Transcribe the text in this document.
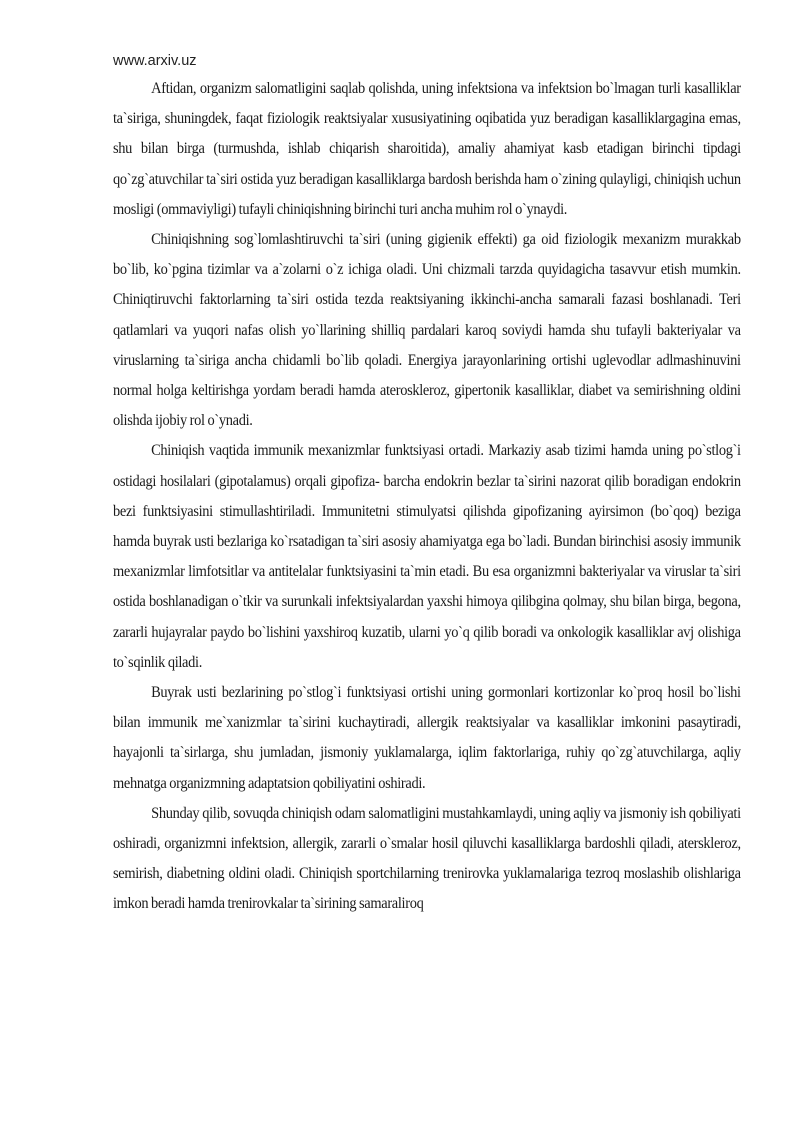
www.arxiv.uz

Aftidan, organizm salomatligini saqlab qolishda, uning infektsiona va infektsion bo`lmagan turli kasalliklar ta`siriga, shuningdek, faqat fiziologik reaktsiyalar xususiyatining oqibatida yuz beradigan kasalliklargagina emas, shu bilan birga (turmushda, ishlab chiqarish sharoitida), amaliy ahamiyat kasb etadigan birinchi tipdagi qo`zg`atuvchilar ta`siri ostida yuz beradigan kasalliklarga bardosh berishda ham o`zining qulayligi, chiniqish uchun mosligi (ommaviyligi) tufayli chiniqishning birinchi turi ancha muhim rol o`ynaydi.

Chiniqishning sog`lomlashtiruvchi ta`siri (uning gigienik effekti) ga oid fiziologik mexanizm murakkab bo`lib, ko`pgina tizimlar va a`zolarni o`z ichiga oladi. Uni chizmali tarzda quyidagicha tasavvur etish mumkin. Chiniqtiruvchi faktorlarning ta`siri ostida tezda reaktsiyaning ikkinchi-ancha samarali fazasi boshlanadi. Teri qatlamlari va yuqori nafas olish yo`llarining shilliq pardalari karoq soviydi hamda shu tufayli bakteriyalar va viruslarning ta`siriga ancha chidamli bo`lib qoladi. Energiya jarayonlarining ortishi uglevodlar adlmashinuvini normal holga keltirishga yordam beradi hamda ateroskleroz, gipertonik kasalliklar, diabet va semirishning oldini olishda ijobiy rol o`ynadi.

Chiniqish vaqtida immunik mexanizmlar funktsiyasi ortadi. Markaziy asab tizimi hamda uning po`stlog`i ostidagi hosilalari (gipotalamus) orqali gipofiza- barcha endokrin bezlar ta`sirini nazorat qilib boradigan endokrin bezi funktsiyasini stimullashtiriladi. Immunitetni stimulyatsi qilishda gipofizaning ayirsimon (bo`qoq) beziga hamda buyrak usti bezlariga ko`rsatadigan ta`siri asosiy ahamiyatga ega bo`ladi. Bundan birinchisi asosiy immunik mexanizmlar limfotsitlar va antitelalar funktsiyasini ta`min etadi. Bu esa organizmni bakteriyalar va viruslar ta`siri ostida boshlanadigan o`tkir va surunkali infektsiyalardan yaxshi himoya qilibgina qolmay, shu bilan birga, begona, zararli hujayralar paydo bo`lishini yaxshiroq kuzatib, ularni yo`q qilib boradi va onkologik kasalliklar avj olishiga to`sqinlik qiladi.

Buyrak usti bezlarining po`stlog`i funktsiyasi ortishi uning gormonlari kortizonlar ko`proq hosil bo`lishi bilan immunik me`xanizmlar ta`sirini kuchaytiradi, allergik reaktsiyalar va kasalliklar imkonini pasaytiradi, hayajonli ta`sirlarga, shu jumladan, jismoniy yuklamalarga, iqlim faktorlariga, ruhiy qo`zg`atuvchilarga, aqliy mehnatga organizmning adaptatsion qobiliyatini oshiradi.

Shunday qilib, sovuqda chiniqish odam salomatligini mustahkamlaydi, uning aqliy va jismoniy ish qobiliyati oshiradi, organizmni infektsion, allergik, zararli o`smalar hosil qiluvchi kasalliklarga bardoshli qiladi, aterskleroz, semirish, diabetning oldini oladi. Chiniqish sportchilarning trenirovka yuklamalariga tezroq moslashib olishlariga imkon beradi hamda trenirovkalar ta`sirining samaraliroq
